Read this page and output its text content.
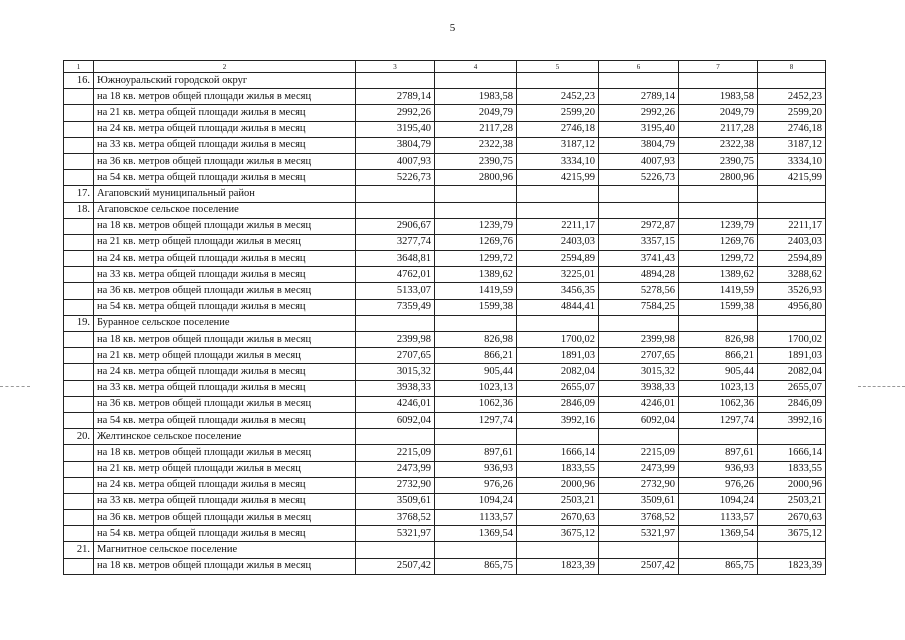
5
1	2	3	4	5	6	7	8
16.	Южноуральский городской округ						
	на 18 кв. метров общей площади жилья в месяц	2789,14	1983,58	2452,23	2789,14	1983,58	2452,23
	на 21 кв. метра общей площади жилья в месяц	2992,26	2049,79	2599,20	2992,26	2049,79	2599,20
	на 24 кв. метра общей площади жилья в месяц	3195,40	2117,28	2746,18	3195,40	2117,28	2746,18
	на 33 кв. метра общей площади жилья в месяц	3804,79	2322,38	3187,12	3804,79	2322,38	3187,12
	на 36 кв. метров общей площади жилья в месяц	4007,93	2390,75	3334,10	4007,93	2390,75	3334,10
	на 54 кв. метра общей площади жилья в месяц	5226,73	2800,96	4215,99	5226,73	2800,96	4215,99
17.	Агаповский муниципальный район						
18.	Агаповское сельское поселение						
	на 18 кв. метров общей площади жилья в месяц	2906,67	1239,79	2211,17	2972,87	1239,79	2211,17
	на 21 кв. метр общей площади жилья в месяц	3277,74	1269,76	2403,03	3357,15	1269,76	2403,03
	на 24 кв. метра общей площади жилья в месяц	3648,81	1299,72	2594,89	3741,43	1299,72	2594,89
	на 33 кв. метра общей площади жилья в месяц	4762,01	1389,62	3225,01	4894,28	1389,62	3288,62
	на 36 кв. метров общей площади жилья в месяц	5133,07	1419,59	3456,35	5278,56	1419,59	3526,93
	на 54 кв. метра общей площади жилья в месяц	7359,49	1599,38	4844,41	7584,25	1599,38	4956,80
19.	Буранное сельское поселение						
	на 18 кв. метров общей площади жилья в месяц	2399,98	826,98	1700,02	2399,98	826,98	1700,02
	на 21 кв. метр общей площади жилья в месяц	2707,65	866,21	1891,03	2707,65	866,21	1891,03
	на 24 кв. метра общей площади жилья в месяц	3015,32	905,44	2082,04	3015,32	905,44	2082,04
	на 33 кв. метра общей площади жилья в месяц	3938,33	1023,13	2655,07	3938,33	1023,13	2655,07
	на 36 кв. метров общей площади жилья в месяц	4246,01	1062,36	2846,09	4246,01	1062,36	2846,09
	на 54 кв. метра общей площади жилья в месяц	6092,04	1297,74	3992,16	6092,04	1297,74	3992,16
20.	Желтинское сельское поселение						
	на 18 кв. метров общей площади жилья в месяц	2215,09	897,61	1666,14	2215,09	897,61	1666,14
	на 21 кв. метр общей площади жилья в месяц	2473,99	936,93	1833,55	2473,99	936,93	1833,55
	на 24 кв. метра общей площади жилья в месяц	2732,90	976,26	2000,96	2732,90	976,26	2000,96
	на 33 кв. метра общей площади жилья в месяц	3509,61	1094,24	2503,21	3509,61	1094,24	2503,21
	на 36 кв. метров общей площади жилья в месяц	3768,52	1133,57	2670,63	3768,52	1133,57	2670,63
	на 54 кв. метра общей площади жилья в месяц	5321,97	1369,54	3675,12	5321,97	1369,54	3675,12
21.	Магнитное сельское поселение						
	на 18 кв. метров общей площади жилья в месяц	2507,42	865,75	1823,39	2507,42	865,75	1823,39
